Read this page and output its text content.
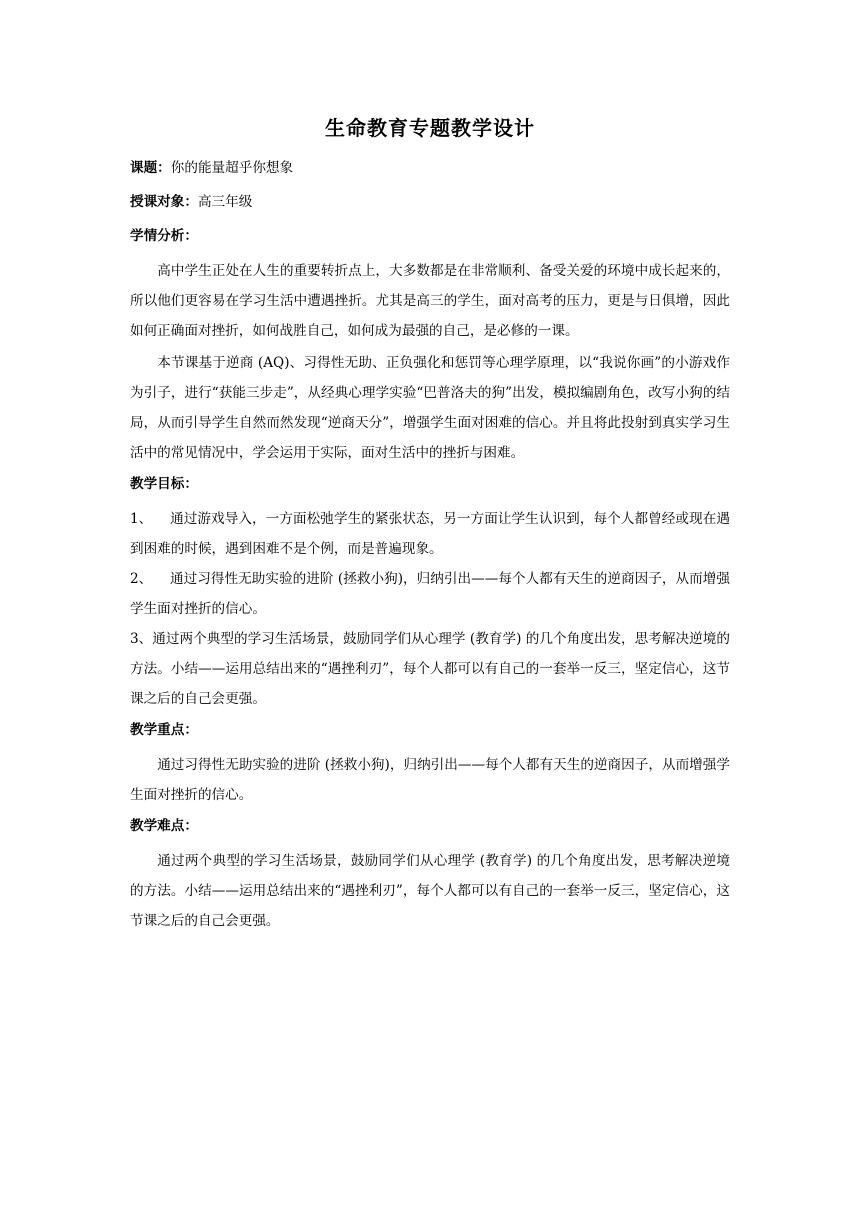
生命教育专题教学设计

课题：你的能量超乎你想象

授课对象：高三年级

学情分析：

高中学生正处在人生的重要转折点上，大多数都是在非常顺利、备受关爱的环境中成长起来的，所以他们更容易在学习生活中遭遇挫折。尤其是高三的学生，面对高考的压力，更是与日俱增，因此如何正确面对挫折，如何战胜自己，如何成为最强的自己，是必修的一课。

本节课基于逆商 (AQ)、习得性无助、正负强化和惩罚等心理学原理，以“我说你画”的小游戏作为引子，进行“获能三步走”，从经典心理学实验“巴普洛夫的狗”出发，模拟编剧角色，改写小狗的结局，从而引导学生自然而然发现“逆商天分”，增强学生面对困难的信心。并且将此投射到真实学习生活中的常见情况中，学会运用于实际，面对生活中的挫折与困难。

教学目标：

1、 通过游戏导入，一方面松弛学生的紧张状态，另一方面让学生认识到，每个人都曾经或现在遇到困难的时候，遇到困难不是个例，而是普遍现象。

2、 通过习得性无助实验的进阶 (拯救小狗)，归纳引出——每个人都有天生的逆商因子，从而增强学生面对挫折的信心。

3、通过两个典型的学习生活场景，鼓励同学们从心理学 (教育学) 的几个角度出发，思考解决逆境的方法。小结——运用总结出来的“遇挫利刃”，每个人都可以有自己的一套举一反三，坚定信心，这节课之后的自己会更强。

教学重点：

通过习得性无助实验的进阶 (拯救小狗)，归纳引出——每个人都有天生的逆商因子，从而增强学生面对挫折的信心。

教学难点：

通过两个典型的学习生活场景，鼓励同学们从心理学 (教育学) 的几个角度出发，思考解决逆境的方法。小结——运用总结出来的“遇挫利刃”，每个人都可以有自己的一套举一反三，坚定信心，这节课之后的自己会更强。
